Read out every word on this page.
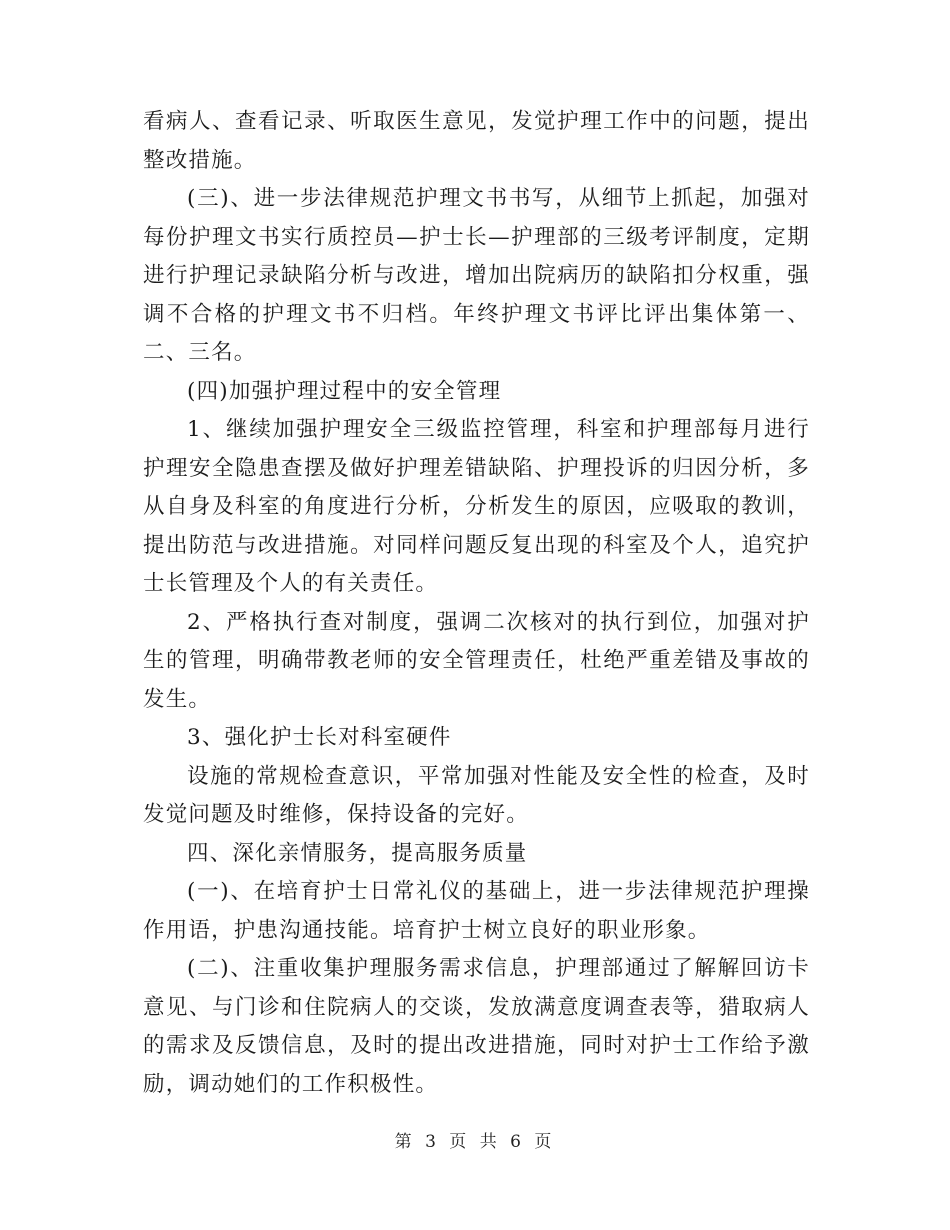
看病人、查看记录、听取医生意见，发觉护理工作中的问题，提出整改措施。

(三)、进一步法律规范护理文书书写，从细节上抓起，加强对每份护理文书实行质控员—护士长—护理部的三级考评制度，定期进行护理记录缺陷分析与改进，增加出院病历的缺陷扣分权重，强调不合格的护理文书不归档。年终护理文书评比评出集体第一、二、三名。

(四)加强护理过程中的安全管理

1、继续加强护理安全三级监控管理，科室和护理部每月进行护理安全隐患查摆及做好护理差错缺陷、护理投诉的归因分析，多从自身及科室的角度进行分析，分析发生的原因，应吸取的教训，提出防范与改进措施。对同样问题反复出现的科室及个人，追究护士长管理及个人的有关责任。

2、严格执行查对制度，强调二次核对的执行到位，加强对护生的管理，明确带教老师的安全管理责任，杜绝严重差错及事故的发生。

3、强化护士长对科室硬件

设施的常规检查意识，平常加强对性能及安全性的检查，及时发觉问题及时维修，保持设备的完好。

四、深化亲情服务，提高服务质量

(一)、在培育护士日常礼仪的基础上，进一步法律规范护理操作用语，护患沟通技能。培育护士树立良好的职业形象。

(二)、注重收集护理服务需求信息，护理部通过了解解回访卡意见、与门诊和住院病人的交谈，发放满意度调查表等，猎取病人的需求及反馈信息，及时的提出改进措施，同时对护士工作给予激励，调动她们的工作积极性。

第 3 页 共 6 页
